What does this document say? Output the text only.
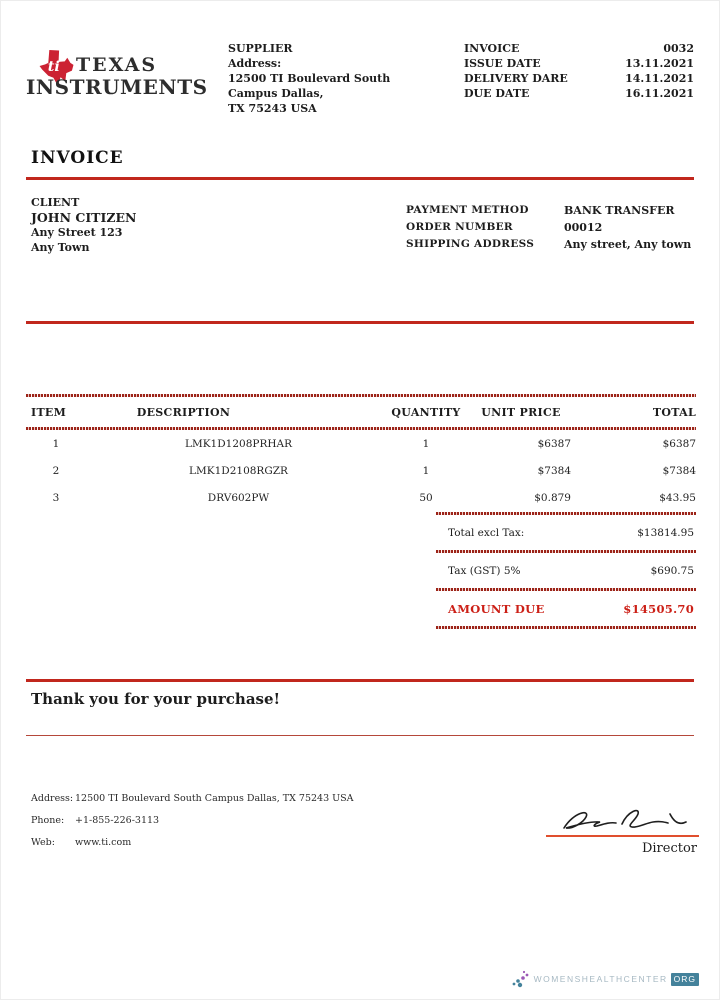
ti TEXAS
INSTRUMENTS
SUPPLIER
Address:
12500 TI Boulevard South
Campus Dallas,
TX 75243 USA
INVOICE	0032
ISSUE DATE	13.11.2021
DELIVERY DARE	14.11.2021
DUE DATE	16.11.2021
INVOICE
CLIENT
JOHN CITIZEN
Any Street 123
Any Town
PAYMENT METHOD	BANK TRANSFER
ORDER NUMBER	00012
SHIPPING ADDRESS	Any street, Any town
ITEM	DESCRIPTION	QUANTITY	UNIT PRICE	TOTAL
1	LMK1D1208PRHAR	1	$6387	$6387
2	LMK1D2108RGZR	1	$7384	$7384
3	DRV602PW	50	$0.879	$43.95
Total excl Tax:	$13814.95
Tax (GST) 5%	$690.75
AMOUNT DUE	$14505.70
Thank you for your purchase!
Address: 12500 TI Boulevard South Campus Dallas, TX 75243 USA
Phone:	+1-855-226-3113
Web:	www.ti.com	Director
WOMENSHEALTHCENTER ORG
